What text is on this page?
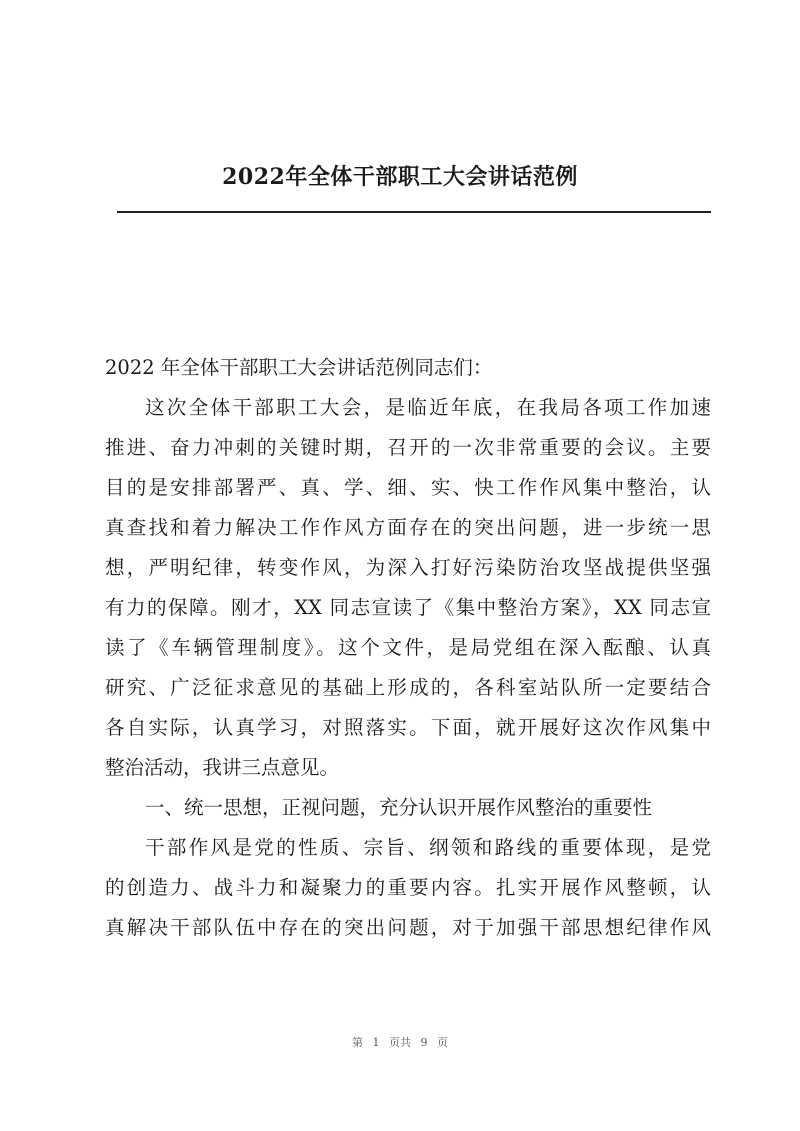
2022年全体干部职工大会讲话范例
2022 年全体干部职工大会讲话范例同志们：
这次全体干部职工大会，是临近年底，在我局各项工作加速
推进、奋力冲刺的关键时期，召开的一次非常重要的会议。主要
目的是安排部署严、真、学、细、实、快工作作风集中整治，认
真查找和着力解决工作作风方面存在的突出问题，进一步统一思
想，严明纪律，转变作风，为深入打好污染防治攻坚战提供坚强
有力的保障。刚才，XX 同志宣读了《集中整治方案》，XX 同志宣
读了《车辆管理制度》。这个文件，是局党组在深入酝酿、认真
研究、广泛征求意见的基础上形成的，各科室站队所一定要结合
各自实际，认真学习，对照落实。下面，就开展好这次作风集中
整治活动，我讲三点意见。
一、统一思想，正视问题，充分认识开展作风整治的重要性
干部作风是党的性质、宗旨、纲领和路线的重要体现，是党
的创造力、战斗力和凝聚力的重要内容。扎实开展作风整顿，认
真解决干部队伍中存在的突出问题，对于加强干部思想纪律作风
第 1 页共 9 页
